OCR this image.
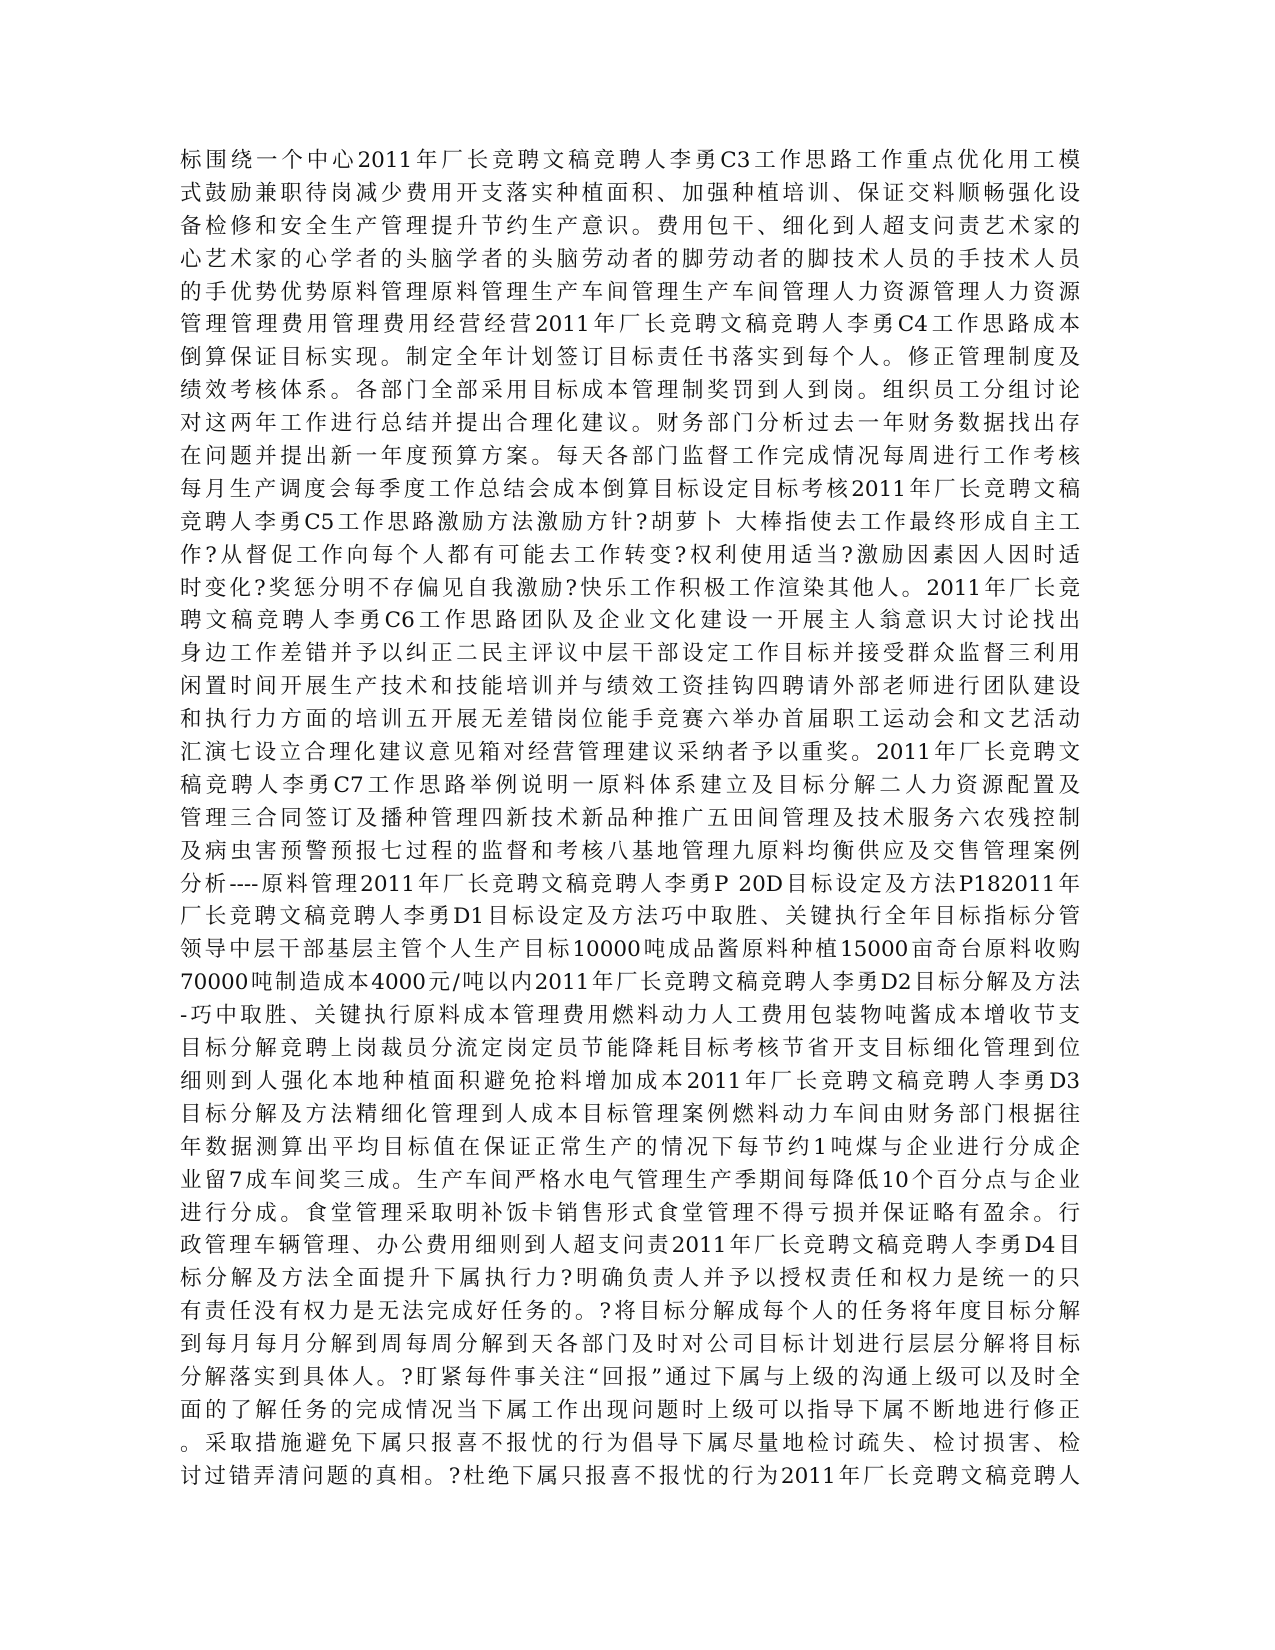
标围绕一个中心2011年厂长竞聘文稿竞聘人李勇C3工作思路工作重点优化用工模
式鼓励兼职待岗减少费用开支落实种植面积、加强种植培训、保证交料顺畅强化设
备检修和安全生产管理提升节约生产意识。费用包干、细化到人超支问责艺术家的
心艺术家的心学者的头脑学者的头脑劳动者的脚劳动者的脚技术人员的手技术人员
的手优势优势原料管理原料管理生产车间管理生产车间管理人力资源管理人力资源
管理管理费用管理费用经营经营2011年厂长竞聘文稿竞聘人李勇C4工作思路成本
倒算保证目标实现。制定全年计划签订目标责任书落实到每个人。修正管理制度及
绩效考核体系。各部门全部采用目标成本管理制奖罚到人到岗。组织员工分组讨论
对这两年工作进行总结并提出合理化建议。财务部门分析过去一年财务数据找出存
在问题并提出新一年度预算方案。每天各部门监督工作完成情况每周进行工作考核
每月生产调度会每季度工作总结会成本倒算目标设定目标考核2011年厂长竞聘文稿
竞聘人李勇C5工作思路激励方法激励方针?胡萝卜 大棒指使去工作最终形成自主工
作?从督促工作向每个人都有可能去工作转变?权利使用适当?激励因素因人因时适
时变化?奖惩分明不存偏见自我激励?快乐工作积极工作渲染其他人。2011年厂长竞
聘文稿竞聘人李勇C6工作思路团队及企业文化建设一开展主人翁意识大讨论找出
身边工作差错并予以纠正二民主评议中层干部设定工作目标并接受群众监督三利用
闲置时间开展生产技术和技能培训并与绩效工资挂钩四聘请外部老师进行团队建设
和执行力方面的培训五开展无差错岗位能手竞赛六举办首届职工运动会和文艺活动
汇演七设立合理化建议意见箱对经营管理建议采纳者予以重奖。2011年厂长竞聘文
稿竞聘人李勇C7工作思路举例说明一原料体系建立及目标分解二人力资源配置及
管理三合同签订及播种管理四新技术新品种推广五田间管理及技术服务六农残控制
及病虫害预警预报七过程的监督和考核八基地管理九原料均衡供应及交售管理案例
分析----原料管理2011年厂长竞聘文稿竞聘人李勇P 20D目标设定及方法P182011年
厂长竞聘文稿竞聘人李勇D1目标设定及方法巧中取胜、关键执行全年目标指标分管
领导中层干部基层主管个人生产目标10000吨成品酱原料种植15000亩奇台原料收购
70000吨制造成本4000元/吨以内2011年厂长竞聘文稿竞聘人李勇D2目标分解及方法
-巧中取胜、关键执行原料成本管理费用燃料动力人工费用包装物吨酱成本增收节支
目标分解竞聘上岗裁员分流定岗定员节能降耗目标考核节省开支目标细化管理到位
细则到人强化本地种植面积避免抢料增加成本2011年厂长竞聘文稿竞聘人李勇D3
目标分解及方法精细化管理到人成本目标管理案例燃料动力车间由财务部门根据往
年数据测算出平均目标值在保证正常生产的情况下每节约1吨煤与企业进行分成企
业留7成车间奖三成。生产车间严格水电气管理生产季期间每降低10个百分点与企业
进行分成。食堂管理采取明补饭卡销售形式食堂管理不得亏损并保证略有盈余。行
政管理车辆管理、办公费用细则到人超支问责2011年厂长竞聘文稿竞聘人李勇D4目
标分解及方法全面提升下属执行力?明确负责人并予以授权责任和权力是统一的只
有责任没有权力是无法完成好任务的。?将目标分解成每个人的任务将年度目标分解
到每月每月分解到周每周分解到天各部门及时对公司目标计划进行层层分解将目标
分解落实到具体人。?盯紧每件事关注“回报”通过下属与上级的沟通上级可以及时全
面的了解任务的完成情况当下属工作出现问题时上级可以指导下属不断地进行修正
。采取措施避免下属只报喜不报忧的行为倡导下属尽量地检讨疏失、检讨损害、检
讨过错弄清问题的真相。?杜绝下属只报喜不报忧的行为2011年厂长竞聘文稿竞聘人
